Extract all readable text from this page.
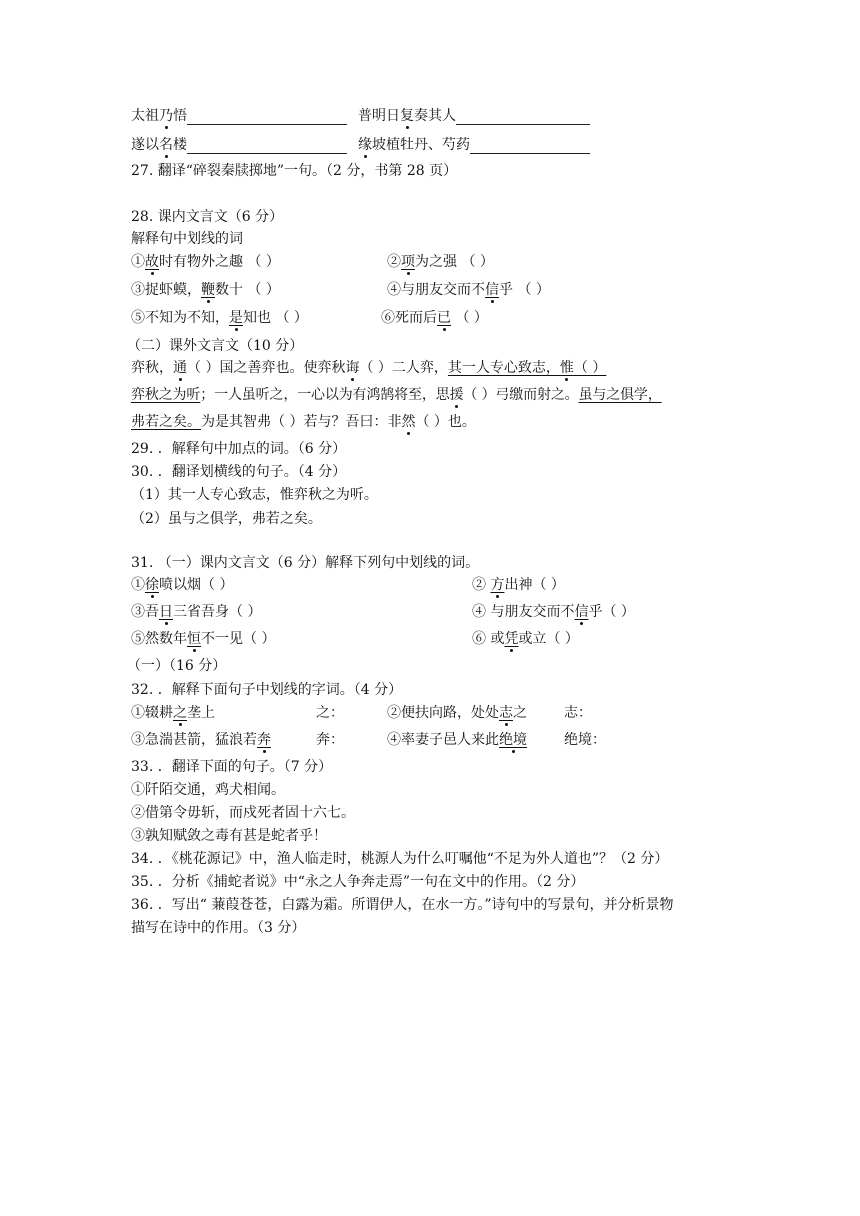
太祖乃悟	普明日复奏其人
遂以名楼	缘坡植牡丹、芍药
27. 翻译“碎裂秦牍掷地”一句。（2 分，书第 28 页）
28. 课内文言文（6 分）
解释句中划线的词
①故时有物外之趣 （ ）	②项为之强 （ ）
③捉虾蟆，鞭数十 （ ）	④与朋友交而不信乎 （ ）
⑤不知为不知，是知也 （ ）	⑥死而后已 （ ）
（二）课外文言文（10 分）
弈秋，通（ ）国之善弈也。使弈秋诲（ ）二人弈，其一人专心致志，惟（ ）
弈秋之为听；一人虽听之，一心以为有鸿鹄将至，思援（ ）弓缴而射之。虽与之俱学，
弗若之矣。为是其智弗（ ）若与？吾曰：非然（ ）也。
29. ．解释句中加点的词。（6 分）
30. ．翻译划横线的句子。（4 分）
（1）其一人专心致志，惟弈秋之为听。
（2）虽与之俱学，弗若之矣。
31. （一）课内文言文（6 分）解释下列句中划线的词。
①徐喷以烟（ ）	② 方出神（ ）
③吾日三省吾身（ ）	④ 与朋友交而不信乎（ ）
⑤然数年恒不一见（ ）	⑥ 或凭或立（ ）
（一）（16 分）
32. ．解释下面句子中划线的字词。（4 分）
①辍耕之垄上	之：	②便扶向路，处处志之	志：
③急湍甚箭，猛浪若奔	奔：	④率妻子邑人来此绝境	绝境：
33. ．翻译下面的句子。（7 分）
①阡陌交通，鸡犬相闻。
②借第令毋斩，而戍死者固十六七。
③孰知赋敛之毒有甚是蛇者乎！
34. ．《桃花源记》中，渔人临走时，桃源人为什么叮嘱他“不足为外人道也”？（2 分）
35. ．分析《捕蛇者说》中“永之人争奔走焉”一句在文中的作用。（2 分）
36. ．写出“ 蒹葭苍苍，白露为霜。所谓伊人，在水一方。”诗句中的写景句，并分析景物
描写在诗中的作用。（3 分）
